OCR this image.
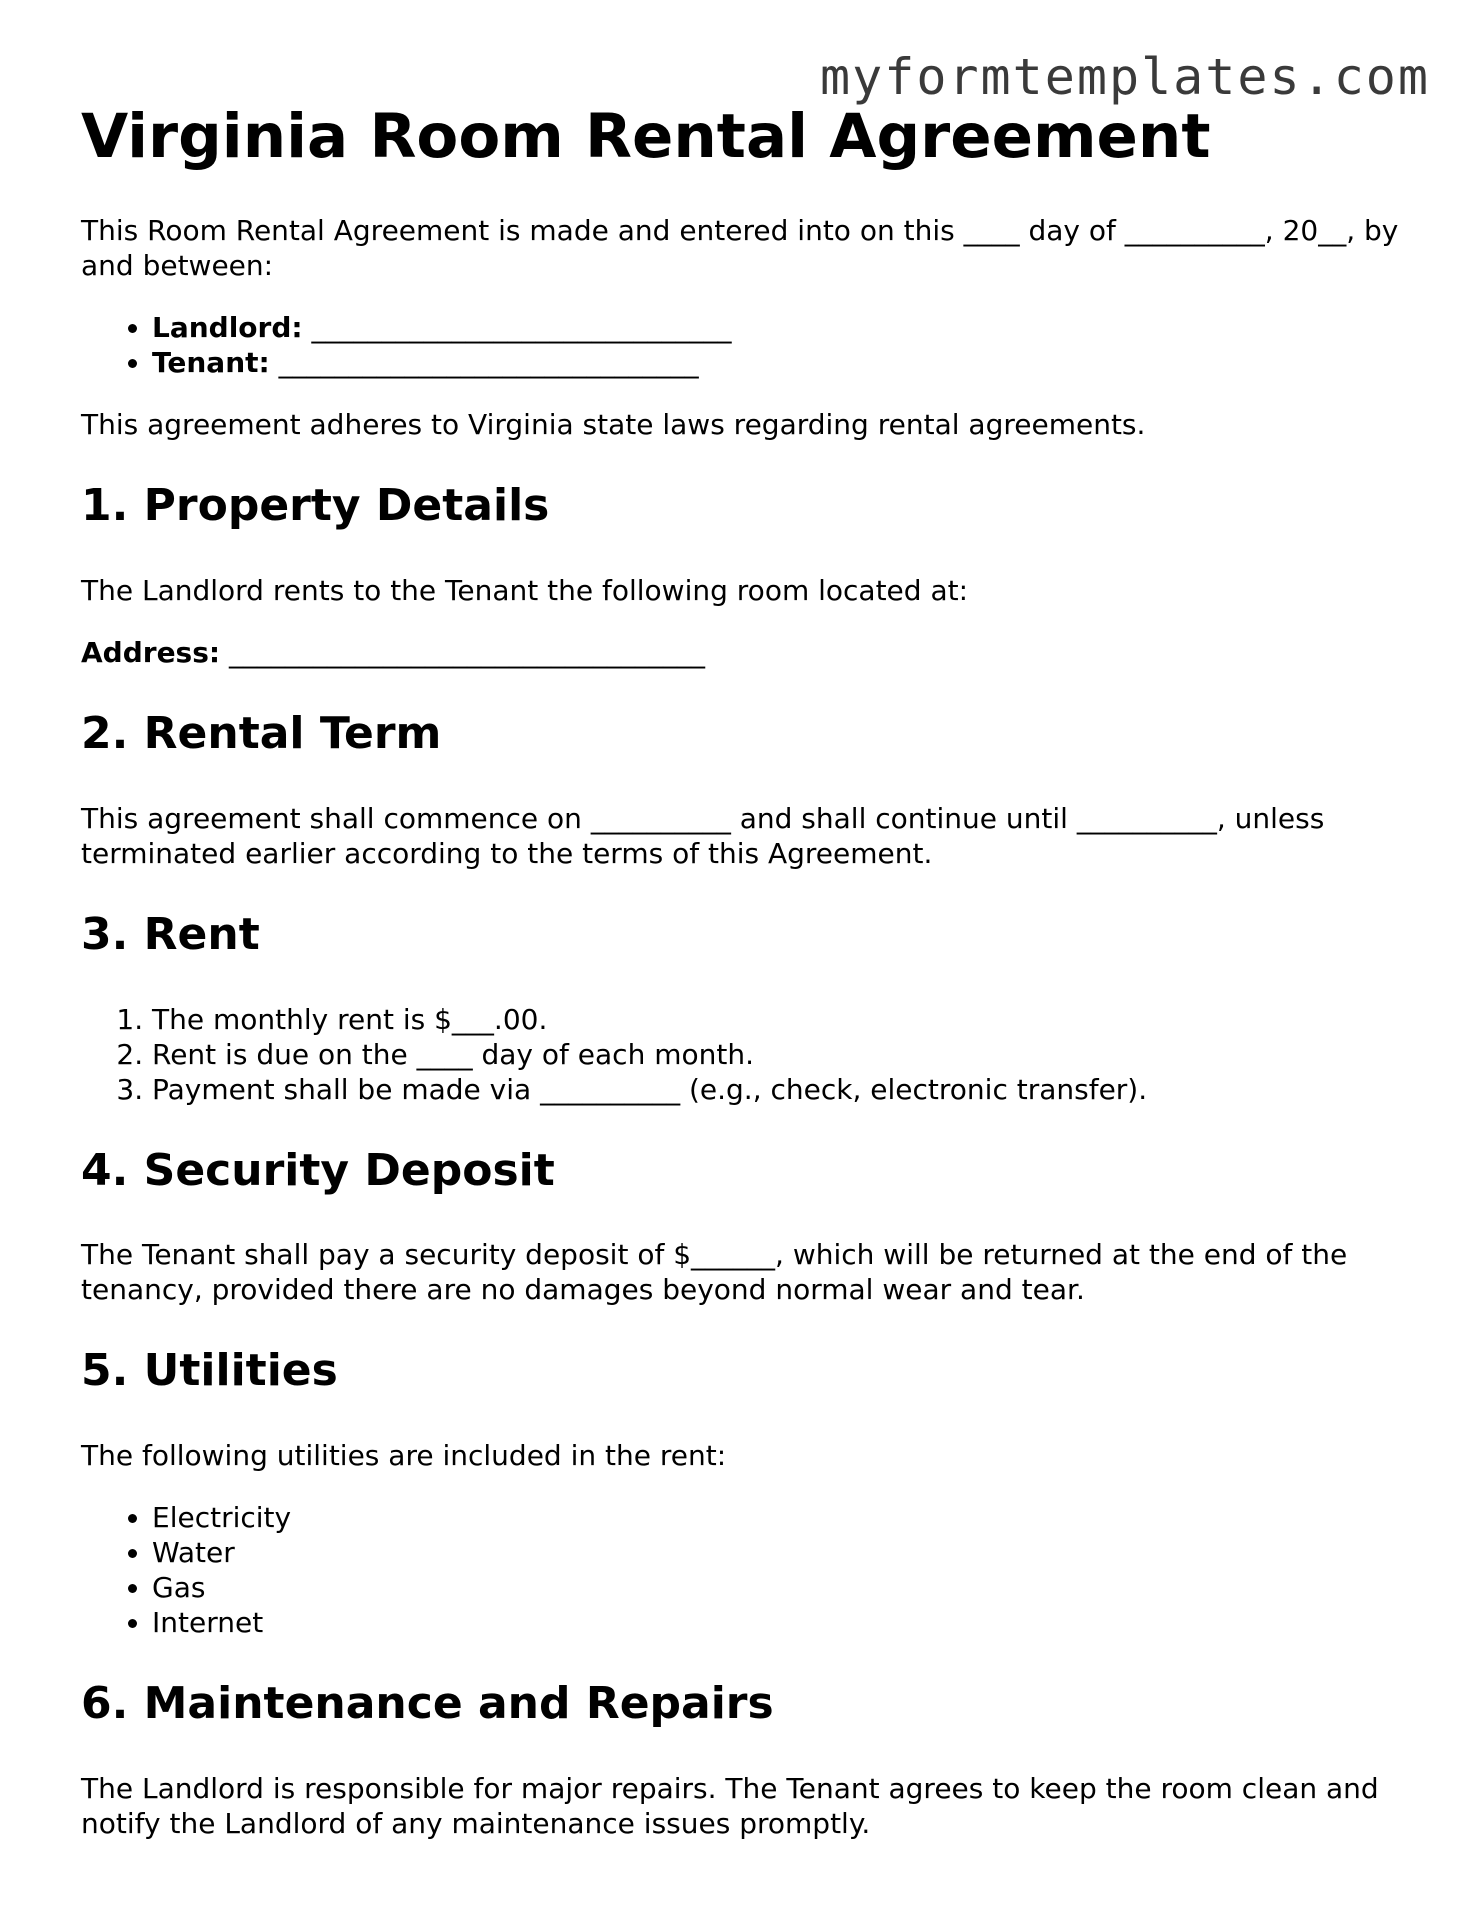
myformtemplates.com
Virginia Room Rental Agreement

This Room Rental Agreement is made and entered into on this ____ day of __________, 20__, by and between:

• Landlord: ______________________________
• Tenant: ______________________________

This agreement adheres to Virginia state laws regarding rental agreements.

1. Property Details

The Landlord rents to the Tenant the following room located at:

Address: __________________________________

2. Rental Term

This agreement shall commence on __________ and shall continue until __________, unless terminated earlier according to the terms of this Agreement.

3. Rent
1. The monthly rent is $___.00.
2. Rent is due on the ____ day of each month.
3. Payment shall be made via __________ (e.g., check, electronic transfer).
4. Security Deposit

The Tenant shall pay a security deposit of $______, which will be returned at the end of the tenancy, provided there are no damages beyond normal wear and tear.

5. Utilities

The following utilities are included in the rent:

• Electricity
• Water
• Gas
• Internet
6. Maintenance and Repairs

The Landlord is responsible for major repairs. The Tenant agrees to keep the room clean and notify the Landlord of any maintenance issues promptly.
